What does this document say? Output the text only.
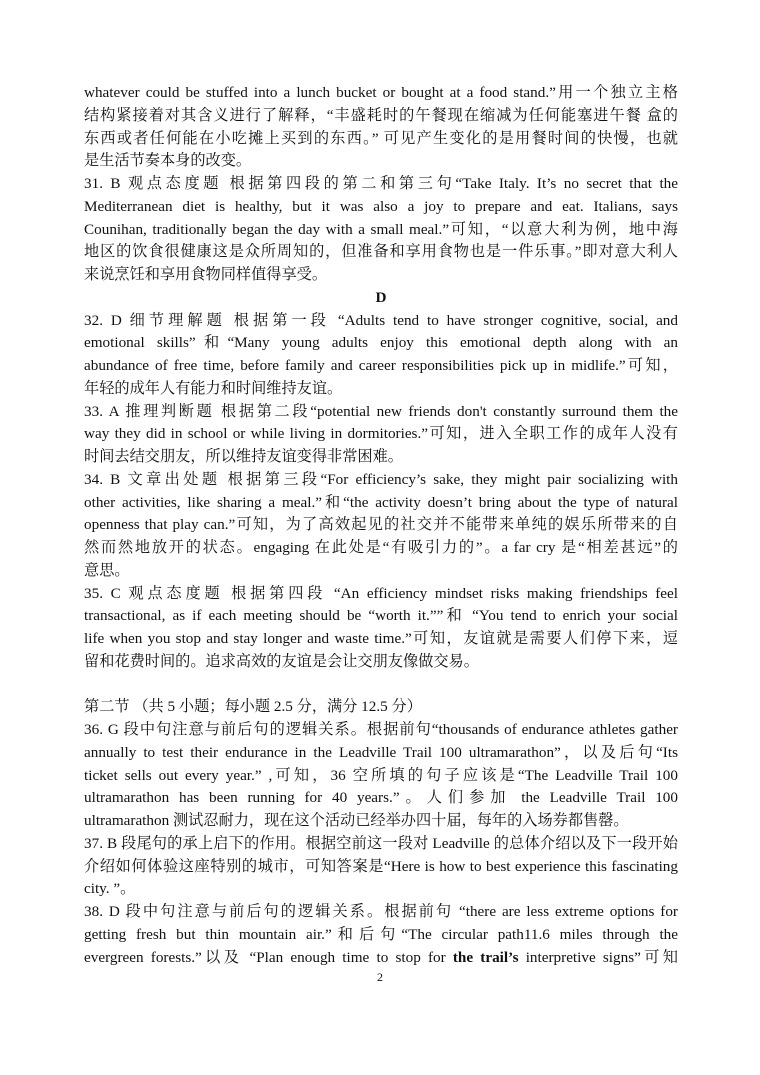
whatever could be stuffed into a lunch bucket or bought at a food stand.”用一个独立主格
结构紧接着对其含义进行了解释，“丰盛耗时的午餐现在缩减为任何能塞进午餐 盒的
东西或者任何能在小吃摊上买到的东西。” 可见产生变化的是用餐时间的快慢，也就
是生活节奏本身的改变。
31. B 观点态度题 根据第四段的第二和第三句“Take Italy. It’s no secret that the
Mediterranean diet is healthy, but it was also a joy to prepare and eat. Italians, says
Counihan, traditionally began the day with a small meal.”可知，“以意大利为例，地中海
地区的饮食很健康这是众所周知的，但准备和享用食物也是一件乐事。”即对意大利人
来说烹饪和享用食物同样值得享受。
D
32. D 细节理解题 根据第一段 “Adults tend to have stronger cognitive, social, and
emotional skills”和“Many young adults enjoy this emotional depth along with an
abundance of free time, before family and career responsibilities pick up in midlife.”可知，
年轻的成年人有能力和时间维持友谊。
33. A 推理判断题 根据第二段“potential new friends don't constantly surround them the
way they did in school or while living in dormitories.”可知，进入全职工作的成年人没有
时间去结交朋友，所以维持友谊变得非常困难。
34. B 文章出处题 根据第三段“For efficiency’s sake, they might pair socializing with
other activities, like sharing a meal.”和“the activity doesn’t bring about the type of natural
openness that play can.”可知，为了高效起见的社交并不能带来单纯的娱乐所带来的自
然而然地放开的状态。engaging 在此处是“有吸引力的”。a far cry 是“相差甚远”的
意思。
35. C 观点态度题 根据第四段 “An efficiency mindset risks making friendships feel
transactional, as if each meeting should be “worth it.””和 “You tend to enrich your social
life when you stop and stay longer and waste time.”可知，友谊就是需要人们停下来，逗
留和花费时间的。追求高效的友谊是会让交朋友像做交易。
第二节 （共 5 小题；每小题 2.5 分，满分 12.5 分）
36. G 段中句注意与前后句的逻辑关系。根据前句“thousands of endurance athletes gather
annually to test their endurance in the Leadville Trail 100 ultramarathon”，以及后句“Its
ticket sells out every year.” ,可知，36 空所填的句子应该是“The Leadville Trail 100
ultramarathon has been running for 40 years.”。人们参加 the Leadville Trail 100
ultramarathon 测试忍耐力，现在这个活动已经举办四十届，每年的入场券都售罄。
37. B 段尾句的承上启下的作用。根据空前这一段对 Leadville 的总体介绍以及下一段开始
介绍如何体验这座特别的城市，可知答案是“Here is how to best experience this fascinating
city. ”。
38. D 段中句注意与前后句的逻辑关系。根据前句 “there are less extreme options for
getting fresh but thin mountain air.”和后句“The circular path11.6 miles through the
evergreen forests.”以及 “Plan enough time to stop for the trail’s interpretive signs”可知
2
